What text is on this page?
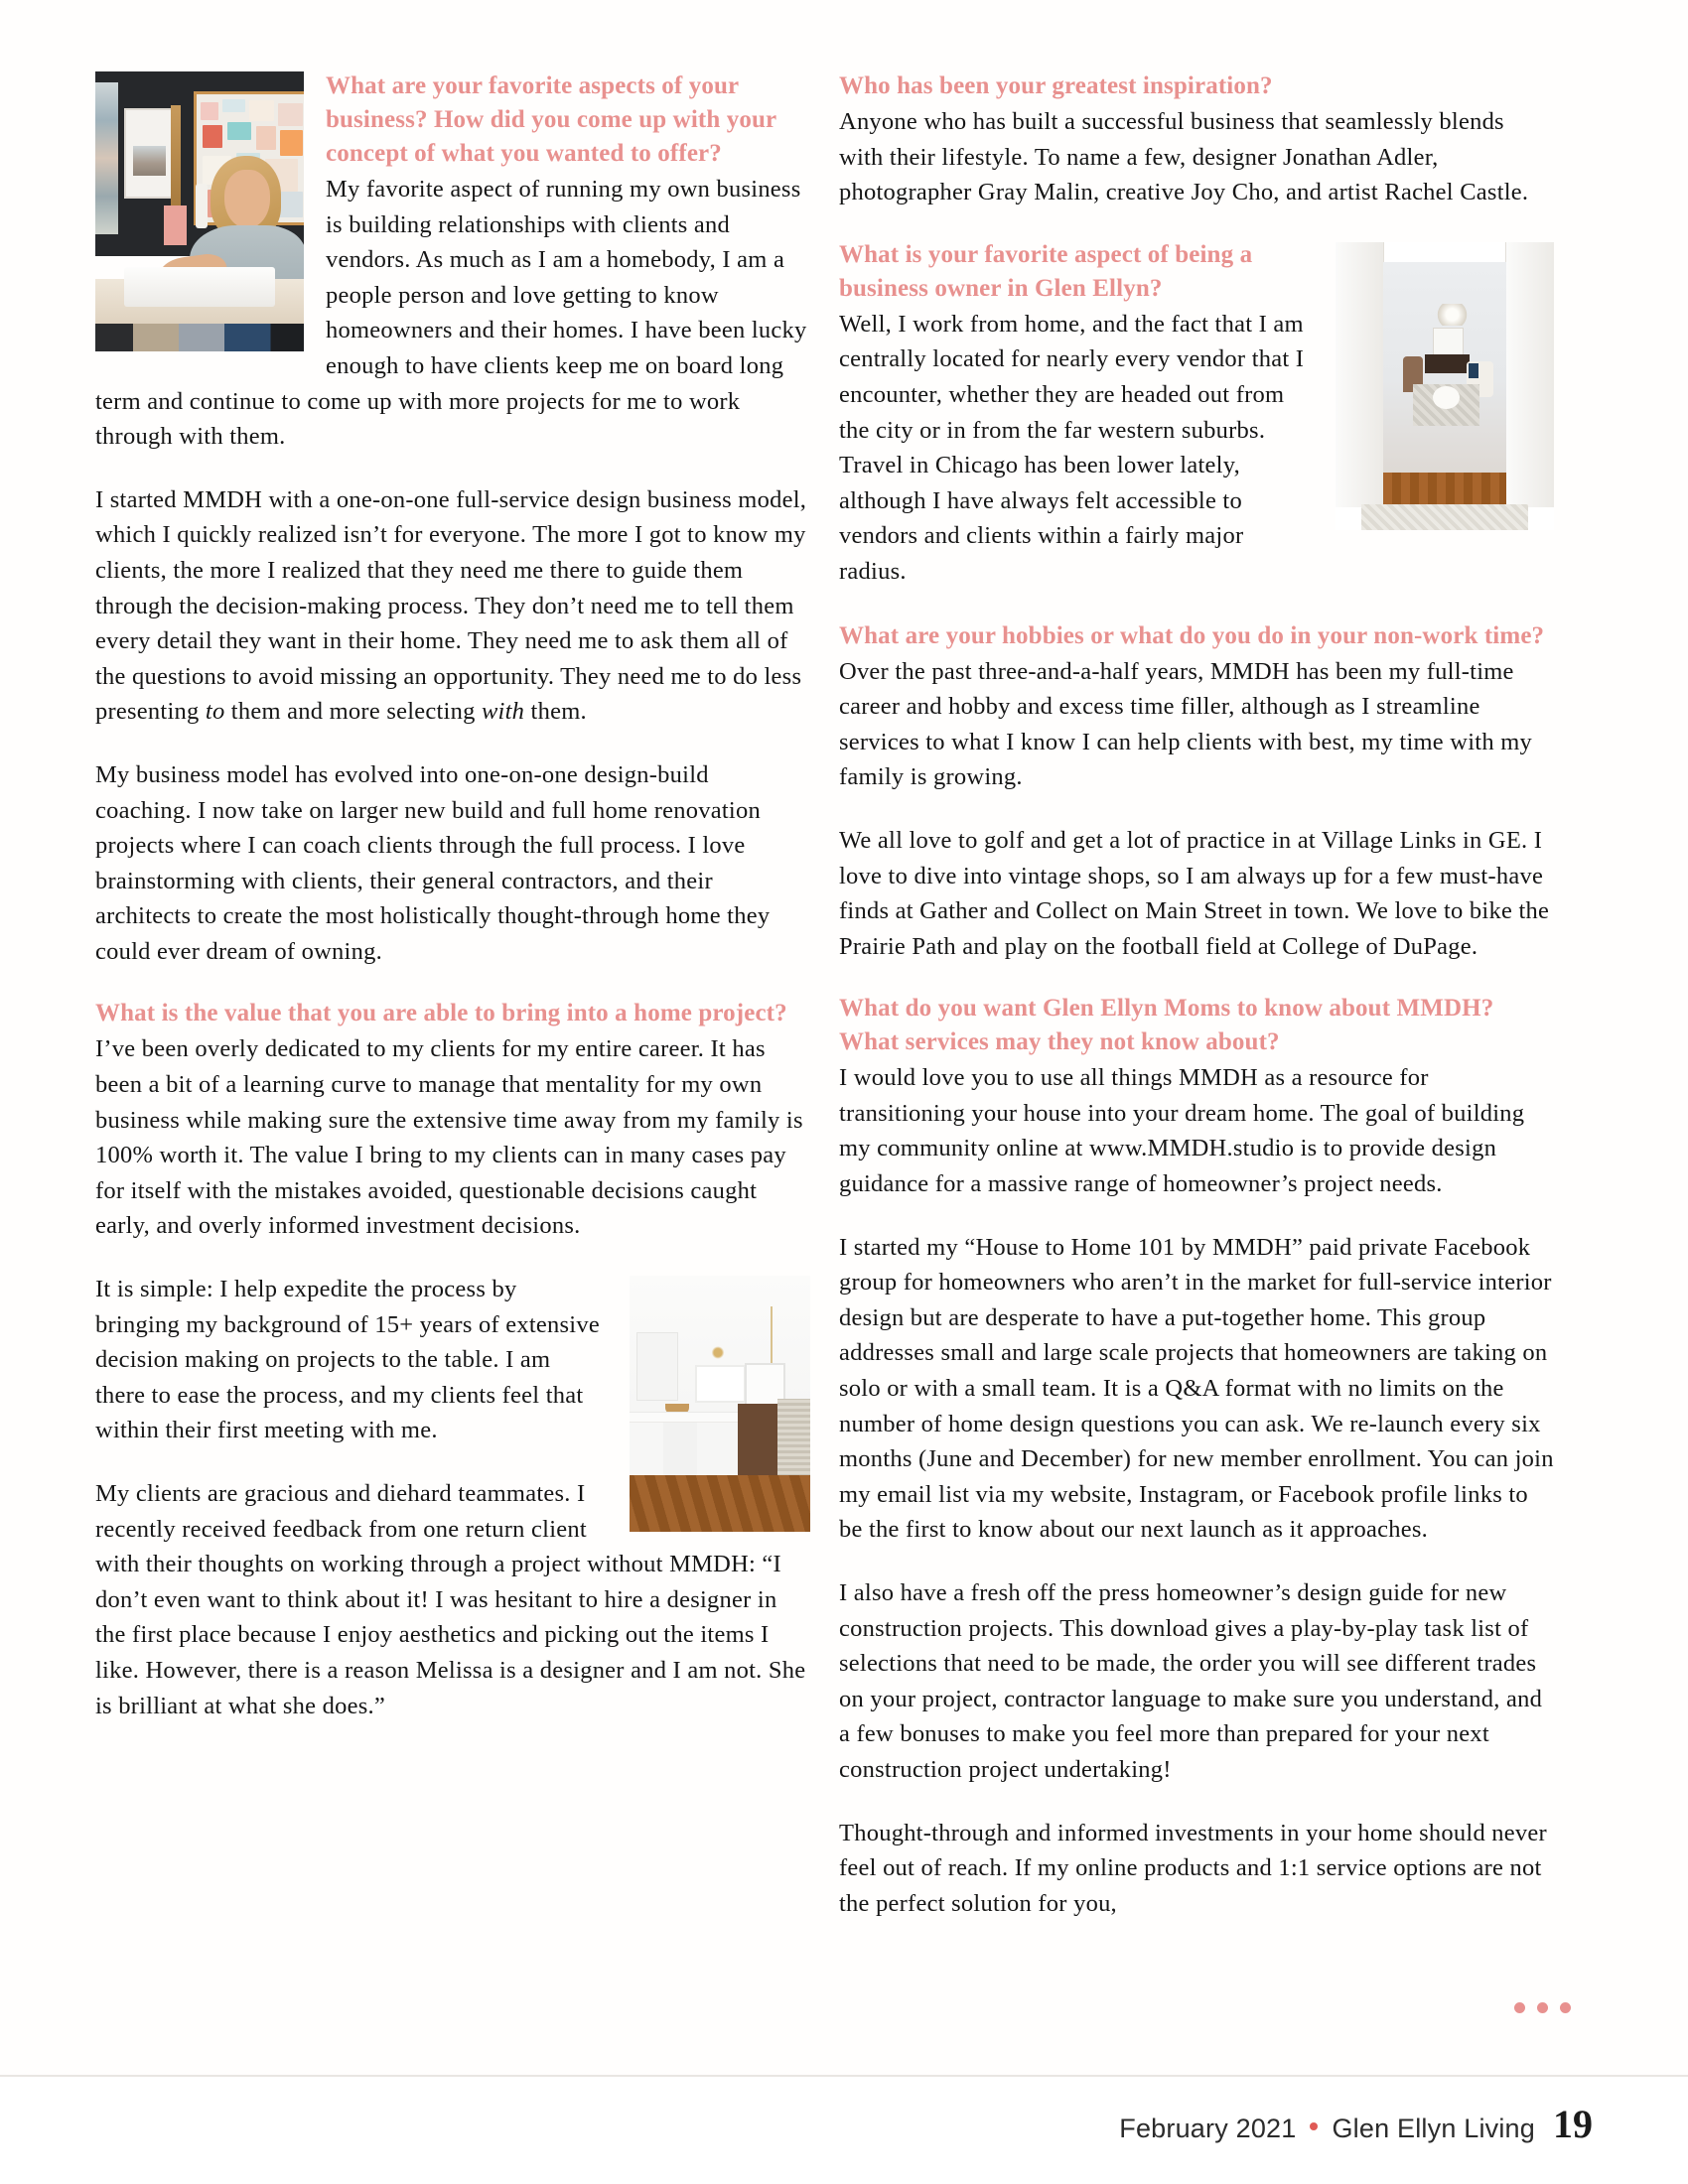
What are your favorite aspects of your business? How did you come up with your concept of what you wanted to offer?

My favorite aspect of running my own business is building relationships with clients and vendors. As much as I am a homebody, I am a people person and love getting to know homeowners and their homes. I have been lucky enough to have clients keep me on board long term and continue to come up with more projects for me to work through with them.

I started MMDH with a one-on-one full-service design business model, which I quickly realized isn’t for everyone. The more I got to know my clients, the more I realized that they need me there to guide them through the decision-making process. They don’t need me to tell them every detail they want in their home. They need me to ask them all of the questions to avoid missing an opportunity. They need me to do less presenting to them and more selecting with them.

My business model has evolved into one-on-one design-build coaching. I now take on larger new build and full home renovation projects where I can coach clients through the full process. I love brainstorming with clients, their general contractors, and their architects to create the most holistically thought-through home they could ever dream of owning.

What is the value that you are able to bring into a home project?

I’ve been overly dedicated to my clients for my entire career. It has been a bit of a learning curve to manage that mentality for my own business while making sure the extensive time away from my family is 100% worth it. The value I bring to my clients can in many cases pay for itself with the mistakes avoided, questionable decisions caught early, and overly informed investment decisions.

It is simple: I help expedite the process by bringing my background of 15+ years of extensive decision making on projects to the table. I am there to ease the process, and my clients feel that within their first meeting with me.

My clients are gracious and diehard teammates. I recently received feedback from one return client with their thoughts on working through a project without MMDH: “I don’t even want to think about it! I was hesitant to hire a designer in the first place because I enjoy aesthetics and picking out the items I like. However, there is a reason Melissa is a designer and I am not. She is brilliant at what she does.”

Who has been your greatest inspiration?

Anyone who has built a successful business that seamlessly blends with their lifestyle. To name a few, designer Jonathan Adler, photographer Gray Malin, creative Joy Cho, and artist Rachel Castle.

What is your favorite aspect of being a business owner in Glen Ellyn?

Well, I work from home, and the fact that I am centrally located for nearly every vendor that I encounter, whether they are headed out from the city or in from the far western suburbs. Travel in Chicago has been lower lately, although I have always felt accessible to vendors and clients within a fairly major radius.

What are your hobbies or what do you do in your non-work time?

Over the past three-and-a-half years, MMDH has been my full-time career and hobby and excess time filler, although as I streamline services to what I know I can help clients with best, my time with my family is growing.

We all love to golf and get a lot of practice in at Village Links in GE. I love to dive into vintage shops, so I am always up for a few must-have finds at Gather and Collect on Main Street in town. We love to bike the Prairie Path and play on the football field at College of DuPage.

What do you want Glen Ellyn Moms to know about MMDH? What services may they not know about?

I would love you to use all things MMDH as a resource for transitioning your house into your dream home. The goal of building my community online at www.MMDH.studio is to provide design guidance for a massive range of homeowner’s project needs.

I started my “House to Home 101 by MMDH” paid private Facebook group for homeowners who aren’t in the market for full-service interior design but are desperate to have a put-together home. This group addresses small and large scale projects that homeowners are taking on solo or with a small team. It is a Q&A format with no limits on the number of home design questions you can ask. We re-launch every six months (June and December) for new member enrollment. You can join my email list via my website, Instagram, or Facebook profile links to be the first to know about our next launch as it approaches.

I also have a fresh off the press homeowner’s design guide for new construction projects. This download gives a play-by-play task list of selections that need to be made, the order you will see different trades on your project, contractor language to make sure you understand, and a few bonuses to make you feel more than prepared for your next construction project undertaking!

Thought-through and informed investments in your home should never feel out of reach. If my online products and 1:1 service options are not the perfect solution for you,

February 2021 Glen Ellyn Living 19
